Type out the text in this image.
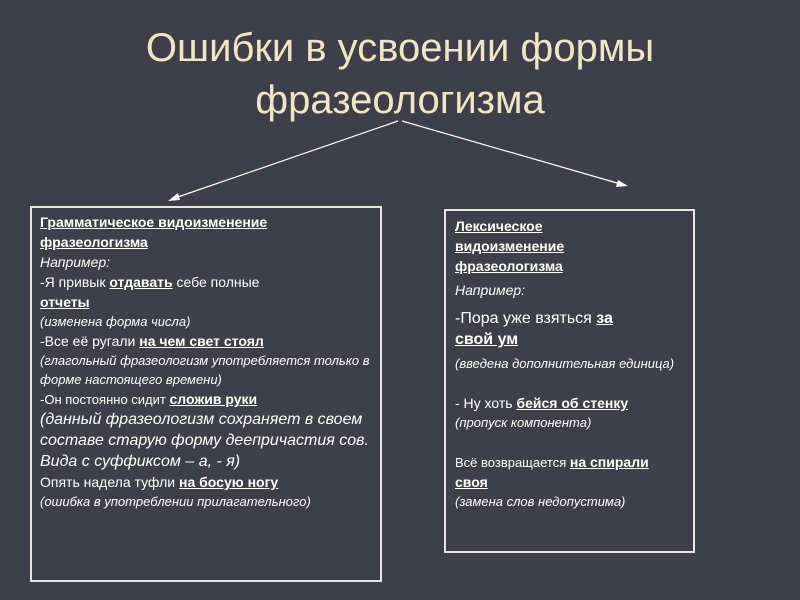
Ошибки в усвоении формы
фразеологизма
Грамматическое видоизменение
фразеологизма
Например:
-Я привык отдавать себе полные
отчеты
(изменена форма числа)
-Все её ругали на чем свет стоял
(глагольный фразеологизм употребляется только в форме настоящего времени)
-Он постоянно сидит сложив руки
(данный фразеологизм сохраняет в своем составе старую форму деепричастия сов. Вида с суффиксом – а, - я)
Опять надела туфли на босую ногу
(ошибка в употреблении прилагательного)
Лексическое
видоизменение
фразеологизма
Например:
-Пора уже взяться за
свой ум
(введена дополнительная единица)
- Ну хоть бейся об стенку
(пропуск компонента)
Всё возвращается на спирали
своя
(замена слов недопустима)
